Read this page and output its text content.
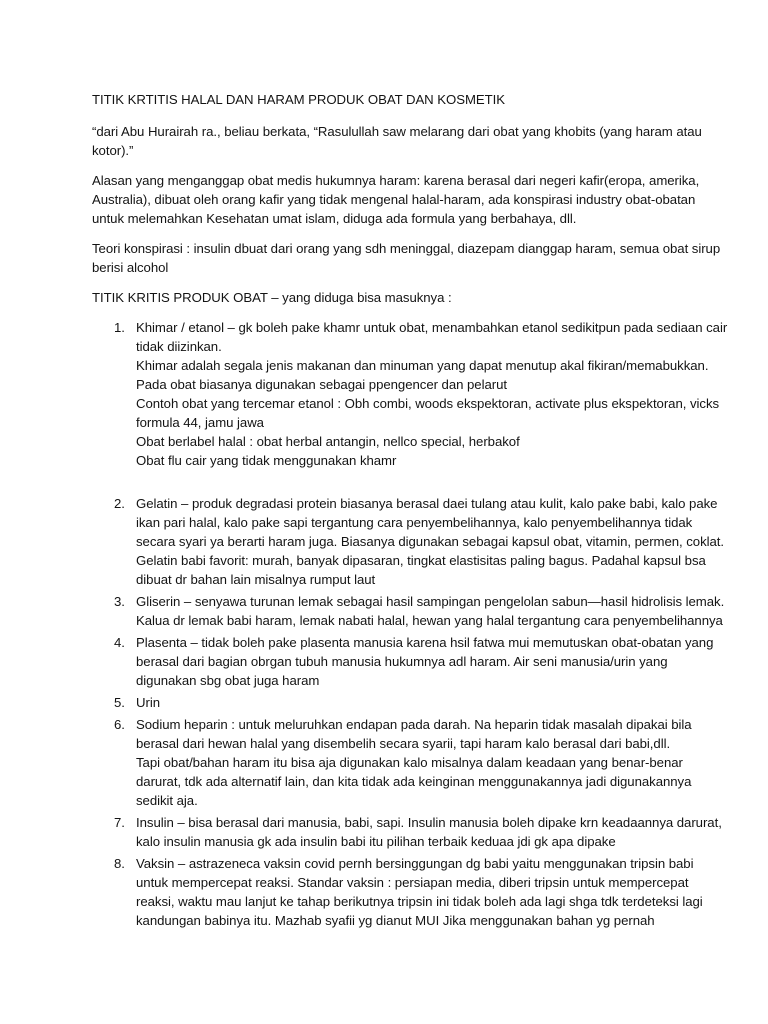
TITIK KRTITIS HALAL DAN HARAM PRODUK OBAT DAN KOSMETIK

“dari Abu Hurairah ra., beliau berkata, “Rasulullah saw melarang dari obat yang khobits (yang haram atau kotor).”

Alasan yang menganggap obat medis hukumnya haram: karena berasal dari negeri kafir(eropa, amerika, Australia), dibuat oleh orang kafir yang tidak mengenal halal-haram, ada konspirasi industry obat-obatan untuk melemahkan Kesehatan umat islam, diduga ada formula yang berbahaya, dll.

Teori konspirasi : insulin dbuat dari orang yang sdh meninggal, diazepam dianggap haram, semua obat sirup berisi alcohol

TITIK KRITIS PRODUK OBAT – yang diduga bisa masuknya :

1. Khimar / etanol – gk boleh pake khamr untuk obat, menambahkan etanol sedikitpun pada sediaan cair tidak diizinkan.
Khimar adalah segala jenis makanan dan minuman yang dapat menutup akal fikiran/memabukkan. Pada obat biasanya digunakan sebagai ppengencer dan pelarut
Contoh obat yang tercemar etanol : Obh combi, woods ekspektoran, activate plus ekspektoran, vicks formula 44, jamu jawa
Obat berlabel halal : obat herbal antangin, nellco special, herbakof
Obat flu cair yang tidak menggunakan khamr
2. Gelatin – produk degradasi protein biasanya berasal daei tulang atau kulit, kalo pake babi, kalo pake ikan pari halal, kalo pake sapi tergantung cara penyembelihannya, kalo penyembelihannya tidak secara syari ya berarti haram juga. Biasanya digunakan sebagai kapsul obat, vitamin, permen, coklat. Gelatin babi favorit: murah, banyak dipasaran, tingkat elastisitas paling bagus. Padahal kapsul bsa dibuat dr bahan lain misalnya rumput laut
3. Gliserin – senyawa turunan lemak sebagai hasil sampingan pengelolan sabun—hasil hidrolisis lemak. Kalua dr lemak babi haram, lemak nabati halal, hewan yang halal tergantung cara penyembelihannya
4. Plasenta – tidak boleh pake plasenta manusia karena hsil fatwa mui memutuskan obat-obatan yang berasal dari bagian obrgan tubuh manusia hukumnya adl haram. Air seni manusia/urin yang digunakan sbg obat juga haram
5. Urin
6. Sodium heparin : untuk meluruhkan endapan pada darah. Na heparin tidak masalah dipakai bila berasal dari hewan halal yang disembelih secara syarii, tapi haram kalo berasal dari babi,dll.
Tapi obat/bahan haram itu bisa aja digunakan kalo misalnya dalam keadaan yang benar-benar darurat, tdk ada alternatif lain, dan kita tidak ada keinginan menggunakannya jadi digunakannya sedikit aja.
7. Insulin – bisa berasal dari manusia, babi, sapi. Insulin manusia boleh dipake krn keadaannya darurat, kalo insulin manusia gk ada insulin babi itu pilihan terbaik keduaa jdi gk apa dipake
8. Vaksin – astrazeneca vaksin covid pernh bersinggungan dg babi yaitu menggunakan tripsin babi untuk mempercepat reaksi. Standar vaksin : persiapan media, diberi tripsin untuk mempercepat reaksi, waktu mau lanjut ke tahap berikutnya tripsin ini tidak boleh ada lagi shga tdk terdeteksi lagi kandungan babinya itu. Mazhab syafii yg dianut MUI Jika menggunakan bahan yg pernah
